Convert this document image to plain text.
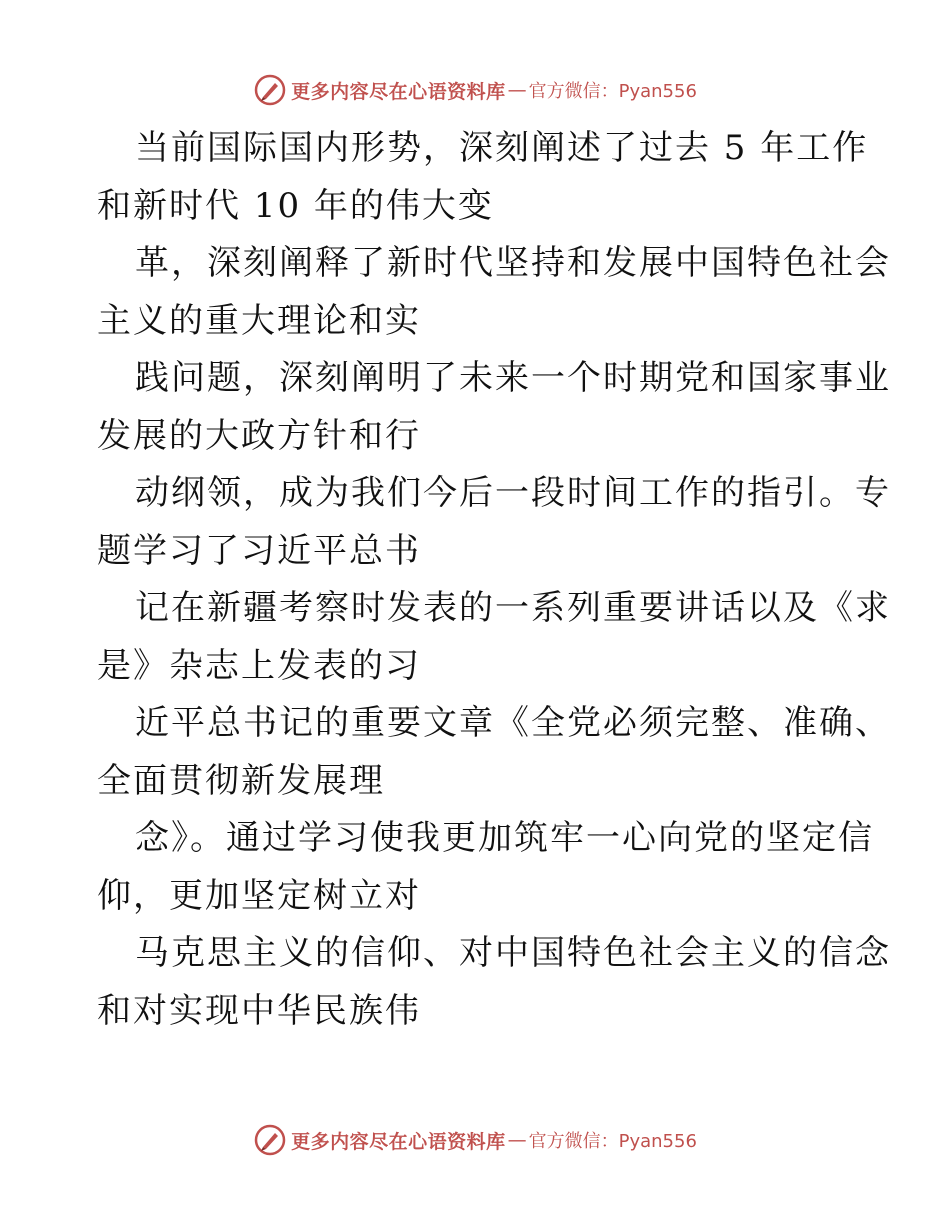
更多内容尽在心语资料库 — 官方微信：Pyan556
当前国际国内形势，深刻阐述了过去 5 年工作
和新时代 10 年的伟大变
革，深刻阐释了新时代坚持和发展中国特色社会
主义的重大理论和实
践问题，深刻阐明了未来一个时期党和国家事业
发展的大政方针和行
动纲领，成为我们今后一段时间工作的指引。专
题学习了习近平总书
记在新疆考察时发表的一系列重要讲话以及《求
是》杂志上发表的习
近平总书记的重要文章《全党必须完整、准确、
全面贯彻新发展理
念》。通过学习使我更加筑牢一心向党的坚定信
仰，更加坚定树立对
马克思主义的信仰、对中国特色社会主义的信念
和对实现中华民族伟
更多内容尽在心语资料库 — 官方微信：Pyan556
